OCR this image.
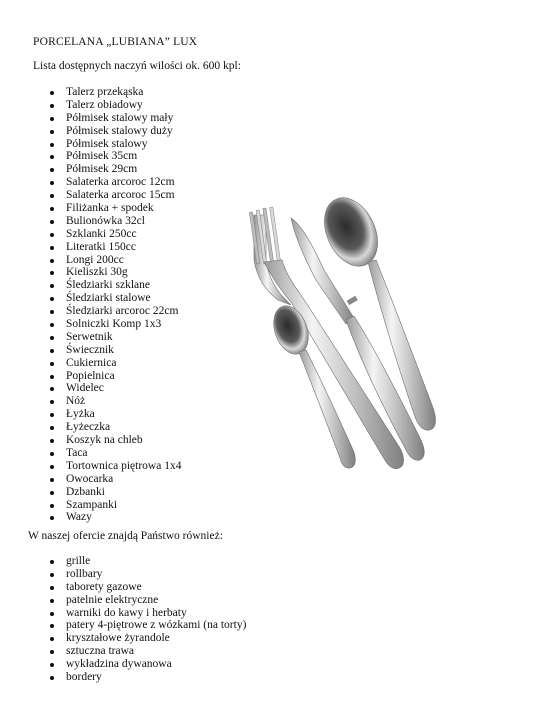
PORCELANA „LUBIANA” LUX
Lista dostępnych naczyń wilości ok. 600 kpl:
Talerz przekąska
Talerz obiadowy
Półmisek stalowy mały
Półmisek stalowy duży
Półmisek stalowy
Półmisek 35cm
Półmisek 29cm
Salaterka arcoroc 12cm
Salaterka arcoroc 15cm
Filiżanka + spodek
Bulionówka 32cl
Szklanki 250cc
Literatki 150cc
Longi 200cc
Kieliszki 30g
Śledziarki szklane
Śledziarki stalowe
Śledziarki arcoroc 22cm
Solniczki Komp 1x3
Serwetnik
Świecznik
Cukiernica
Popielnica
Widelec
Nóż
Łyżka
Łyżeczka
Koszyk na chleb
Taca
Tortownica piętrowa 1x4
Owocarka
Dzbanki
Szampanki
Wazy
W naszej ofercie znajdą Państwo również:
grille
rollbary
taborety gazowe
patelnie elektryczne
warniki do kawy i herbaty
patery 4-piętrowe z wózkami (na torty)
kryształowe żyrandole
sztuczna trawa
wykładzina dywanowa
bordery
